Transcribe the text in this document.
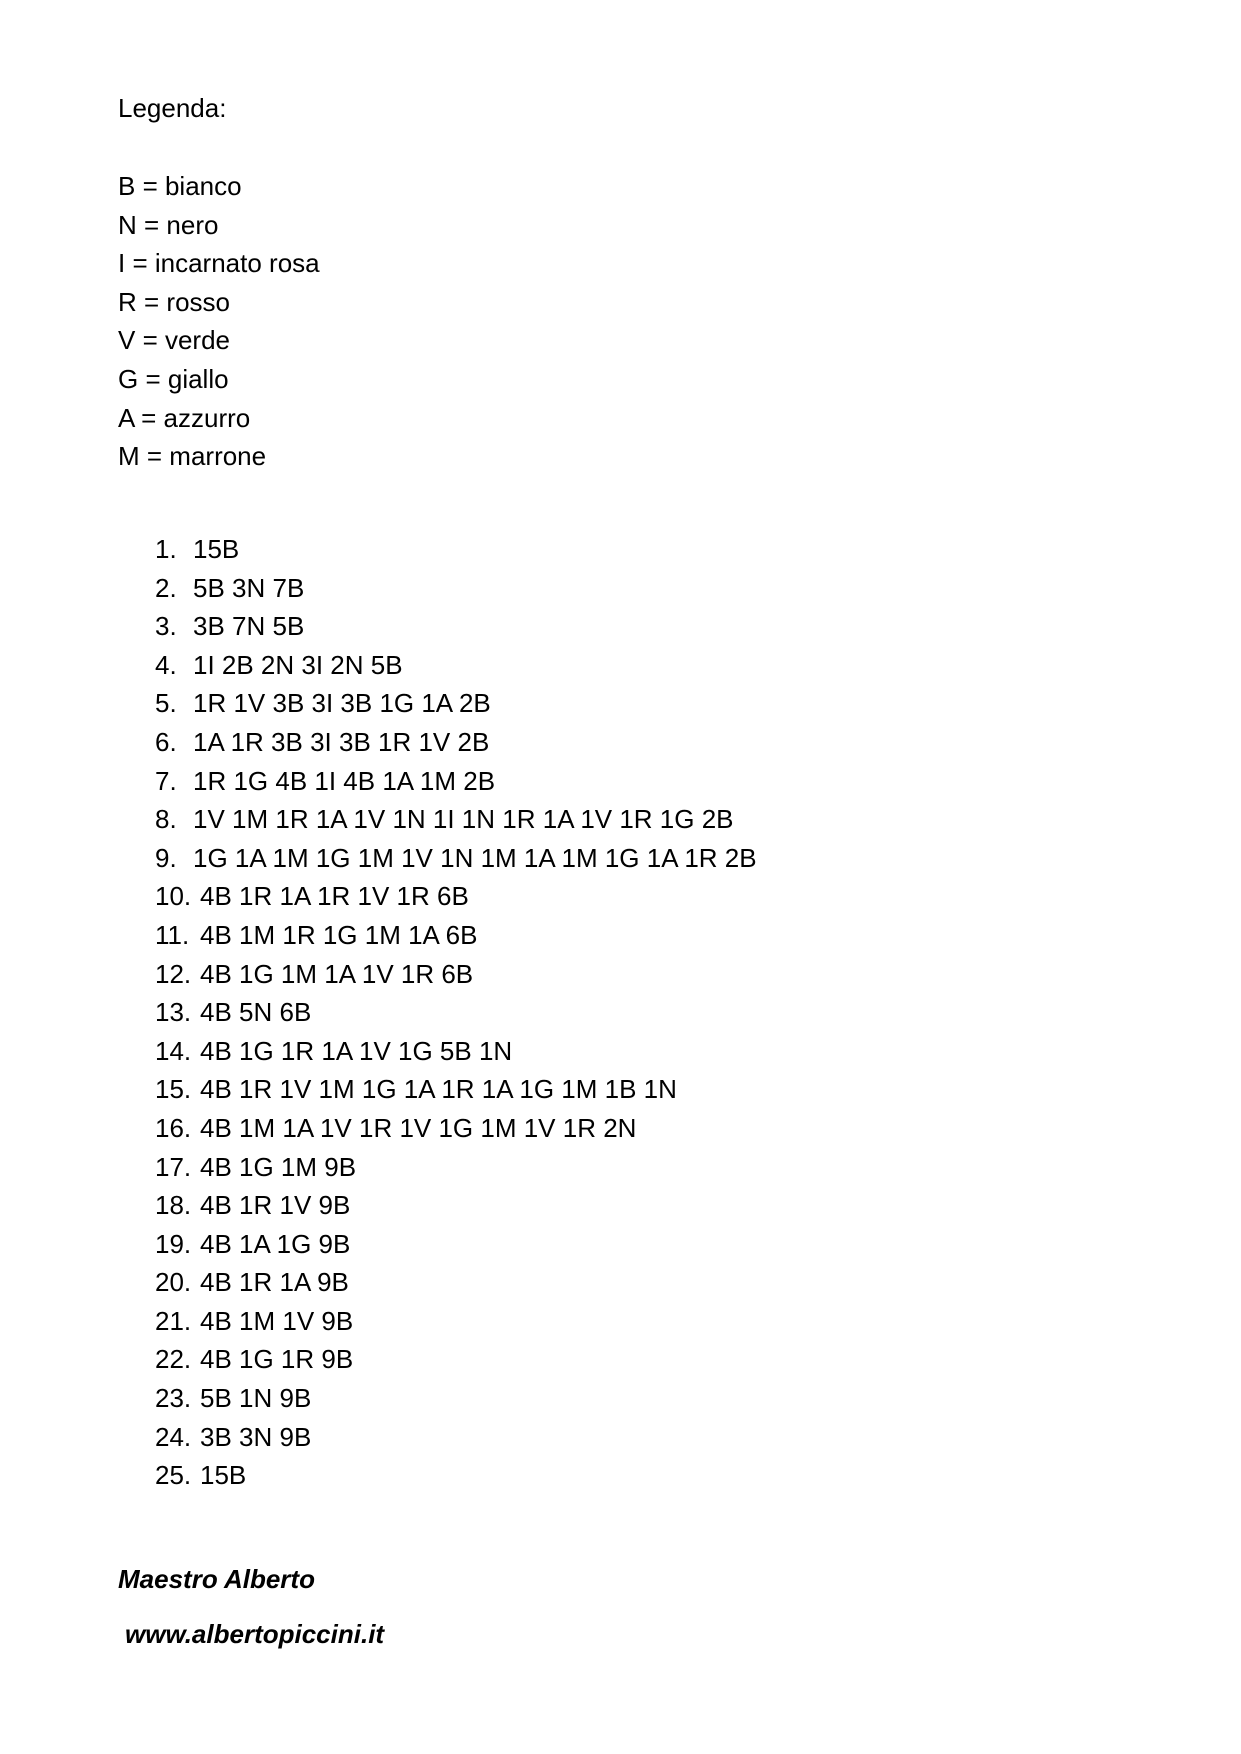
Legenda:
B = bianco
N = nero
I = incarnato rosa
R = rosso
V = verde
G = giallo
A = azzurro
M = marrone
1. 15B
2. 5B 3N 7B
3. 3B 7N 5B
4. 1I 2B 2N 3I 2N 5B
5. 1R 1V 3B 3I 3B 1G 1A 2B
6. 1A 1R 3B 3I 3B 1R 1V 2B
7. 1R 1G 4B 1I 4B 1A 1M 2B
8. 1V 1M 1R 1A 1V 1N 1I 1N 1R 1A 1V 1R 1G 2B
9. 1G 1A 1M 1G 1M 1V 1N 1M 1A 1M 1G 1A 1R 2B
10. 4B 1R 1A 1R 1V 1R 6B
11. 4B 1M 1R 1G 1M 1A 6B
12. 4B 1G 1M 1A 1V 1R 6B
13. 4B 5N 6B
14. 4B 1G 1R 1A 1V 1G 5B 1N
15. 4B 1R 1V 1M 1G 1A 1R 1A 1G 1M 1B 1N
16. 4B 1M 1A 1V 1R 1V 1G 1M 1V 1R 2N
17. 4B 1G 1M 9B
18. 4B 1R 1V 9B
19. 4B 1A 1G 9B
20. 4B 1R 1A 9B
21. 4B 1M 1V 9B
22. 4B 1G 1R 9B
23. 5B 1N 9B
24. 3B 3N 9B
25. 15B
Maestro Alberto
www.albertopiccini.it
